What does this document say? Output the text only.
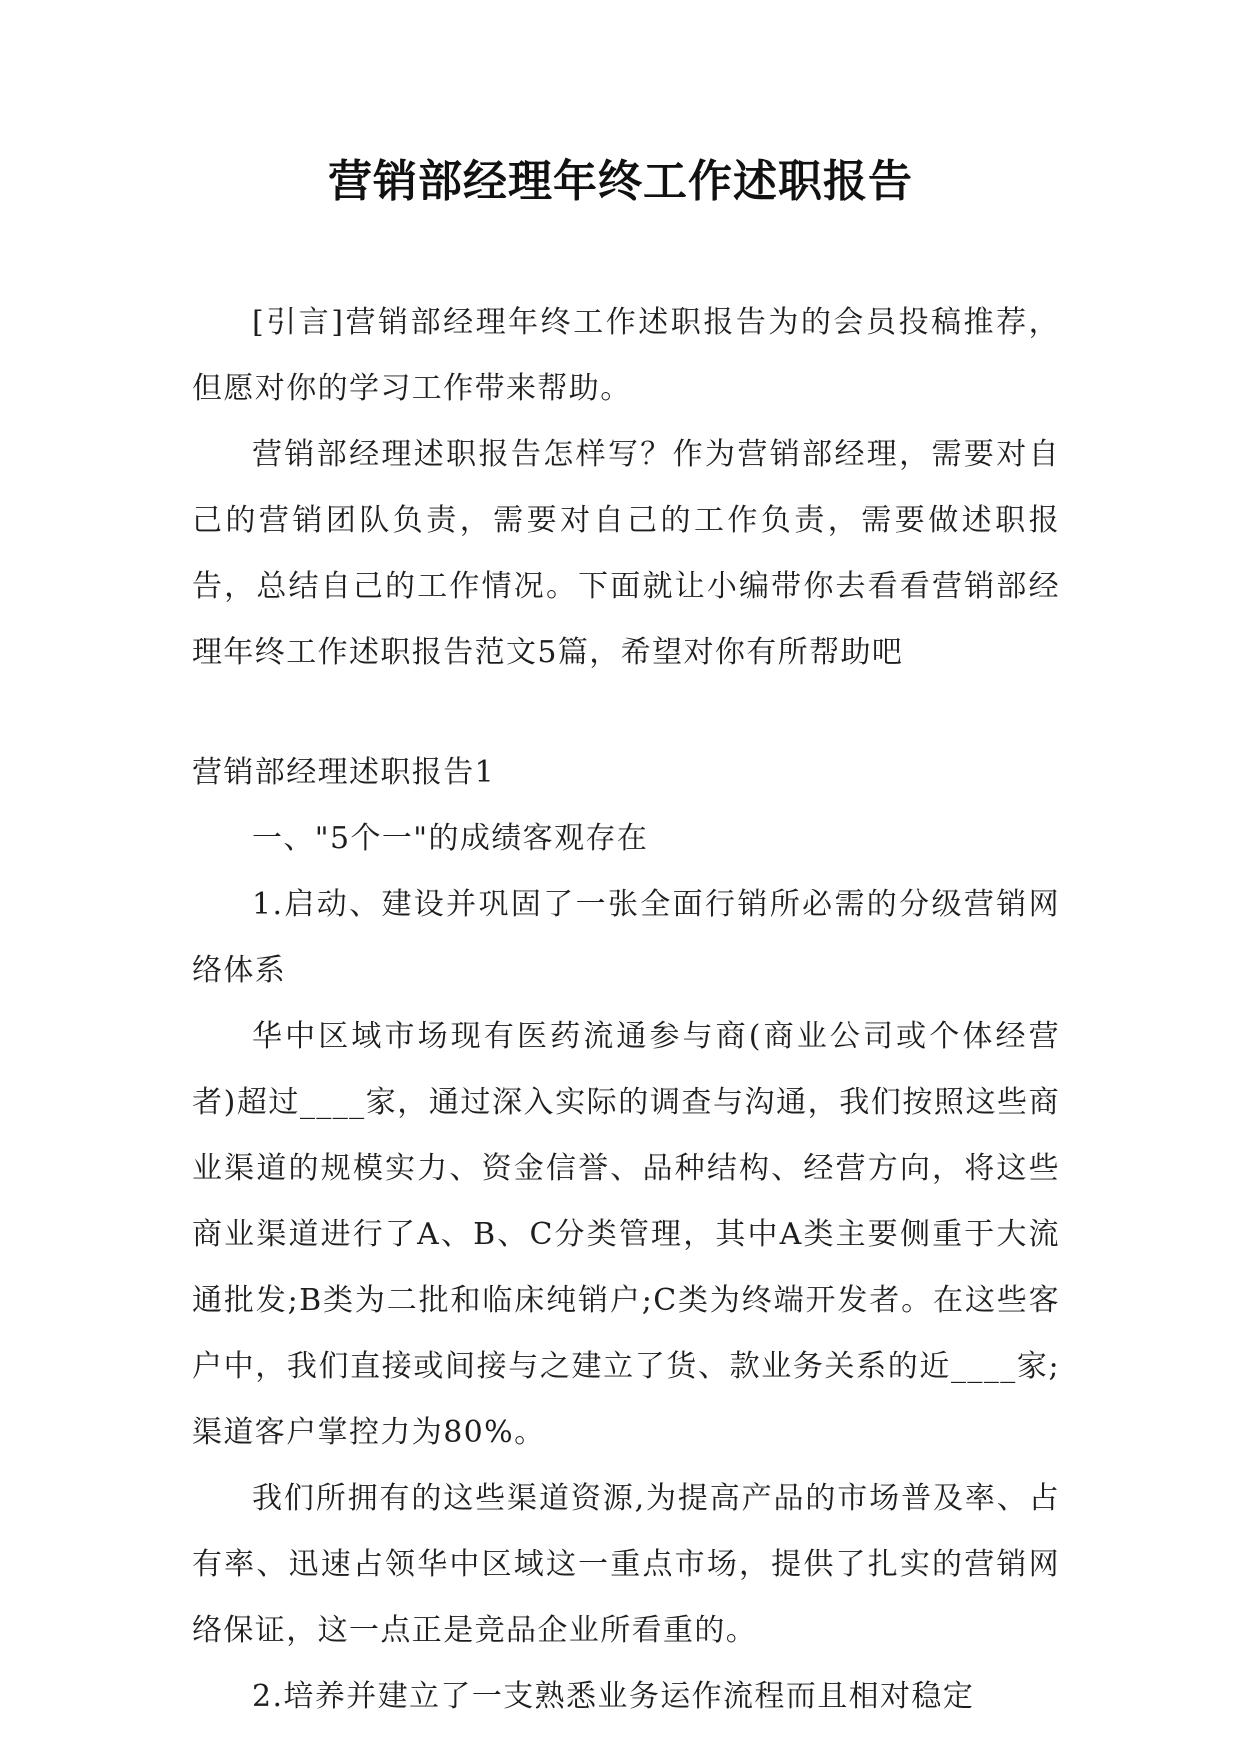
营销部经理年终工作述职报告

[引言]营销部经理年终工作述职报告为的会员投稿推荐，但愿对你的学习工作带来帮助。

营销部经理述职报告怎样写？作为营销部经理，需要对自己的营销团队负责，需要对自己的工作负责，需要做述职报告，总结自己的工作情况。下面就让小编带你去看看营销部经理年终工作述职报告范文5篇，希望对你有所帮助吧

营销部经理述职报告1

一、"5个一"的成绩客观存在

1.启动、建设并巩固了一张全面行销所必需的分级营销网络体系

华中区域市场现有医药流通参与商(商业公司或个体经营者)超过____家，通过深入实际的调查与沟通，我们按照这些商业渠道的规模实力、资金信誉、品种结构、经营方向，将这些商业渠道进行了A、B、C分类管理，其中A类主要侧重于大流通批发;B类为二批和临床纯销户;C类为终端开发者。在这些客户中，我们直接或间接与之建立了货、款业务关系的近____家;渠道客户掌控力为80%。

我们所拥有的这些渠道资源,为提高产品的市场普及率、占有率、迅速占领华中区域这一重点市场，提供了扎实的营销网络保证，这一点正是竞品企业所看重的。

2.培养并建立了一支熟悉业务运作流程而且相对稳定
